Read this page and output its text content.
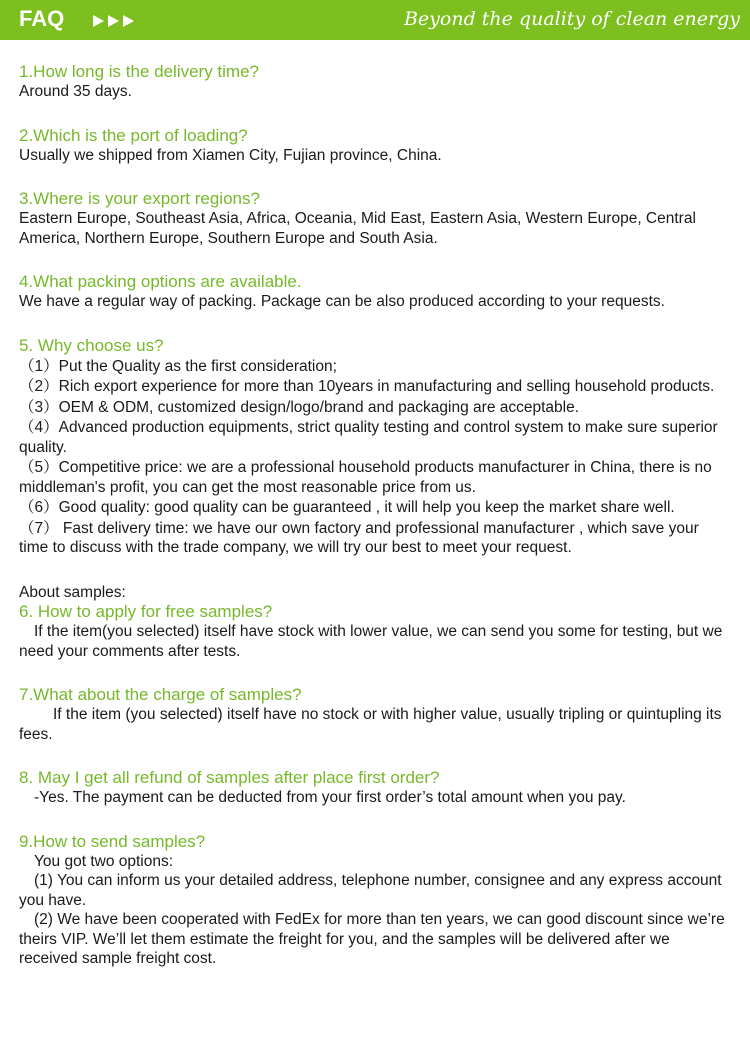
FAQ	Beyond the quality of clean energy
1.How long is the delivery time?
Around 35 days.
2.Which is the port of loading?
Usually we shipped from Xiamen City, Fujian province, China.
3.Where is your export regions?
Eastern Europe, Southeast Asia, Africa, Oceania, Mid East, Eastern Asia, Western Europe, Central America, Northern Europe, Southern Europe and South Asia.
4.What packing options are available.
We have a regular way of packing. Package can be also produced according to your requests.
5. Why choose us?
（1）Put the Quality as the first consideration;
（2）Rich export experience for more than 10years in manufacturing and selling household products.
（3）OEM & ODM, customized design/logo/brand and packaging are acceptable.
（4）Advanced production equipments, strict quality testing and control system to make sure superior quality.
（5）Competitive price: we are a professional household products manufacturer in China, there is no middleman's profit, you can get the most reasonable price from us.
（6）Good quality: good quality can be guaranteed , it will help you keep the market share well.
（7） Fast delivery time: we have our own factory and professional manufacturer , which save your time to discuss with the trade company, we will try our best to meet your request.
About samples:
6. How to apply for free samples?
If the item(you selected) itself have stock with lower value, we can send you some for testing, but we need your comments after tests.
7.What about the charge of samples?
If the item (you selected) itself have no stock or with higher value, usually tripling or quintupling its fees.
8. May I get all refund of samples after place first order?
-Yes. The payment can be deducted from your first order’s total amount when you pay.
9.How to send samples?
You got two options:
(1) You can inform us your detailed address, telephone number, consignee and any express account you have.
(2) We have been cooperated with FedEx for more than ten years, we can good discount since we’re theirs VIP. We’ll let them estimate the freight for you, and the samples will be delivered after we received sample freight cost.
